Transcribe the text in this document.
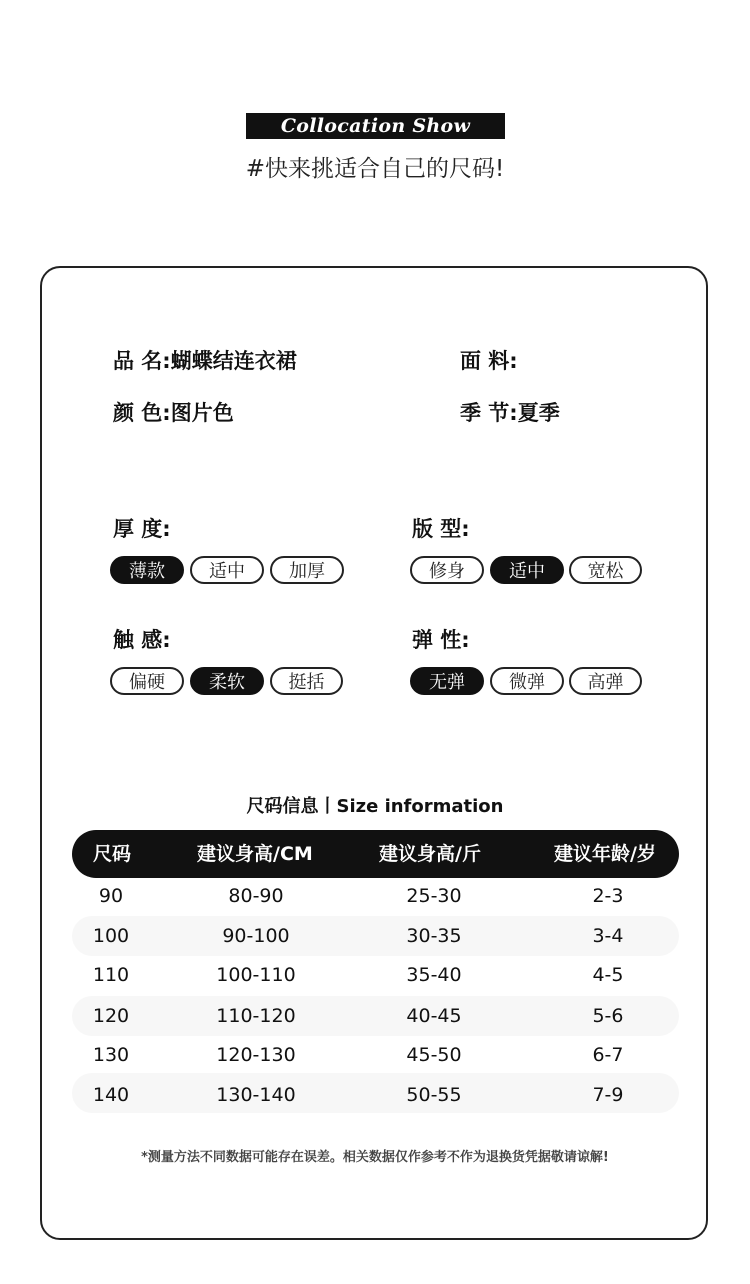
Collocation Show
#快来挑适合自己的尺码!
品 名:蝴蝶结连衣裙	面 料:
颜 色:图片色	季 节:夏季
厚 度:
薄款	适中	加厚
版 型:
修身	适中	宽松
触 感:
偏硬	柔软	挺括
弹 性:
无弹	微弹	高弹
尺码信息丨Size information
尺码	建议身高/CM	建议身高/斤	建议年龄/岁
90	80-90	25-30	2-3
100	90-100	30-35	3-4
110	100-110	35-40	4-5
120	110-120	40-45	5-6
130	120-130	45-50	6-7
140	130-140	50-55	7-9
*测量方法不同数据可能存在误差。相关数据仅作参考不作为退换货凭据敬请谅解!
